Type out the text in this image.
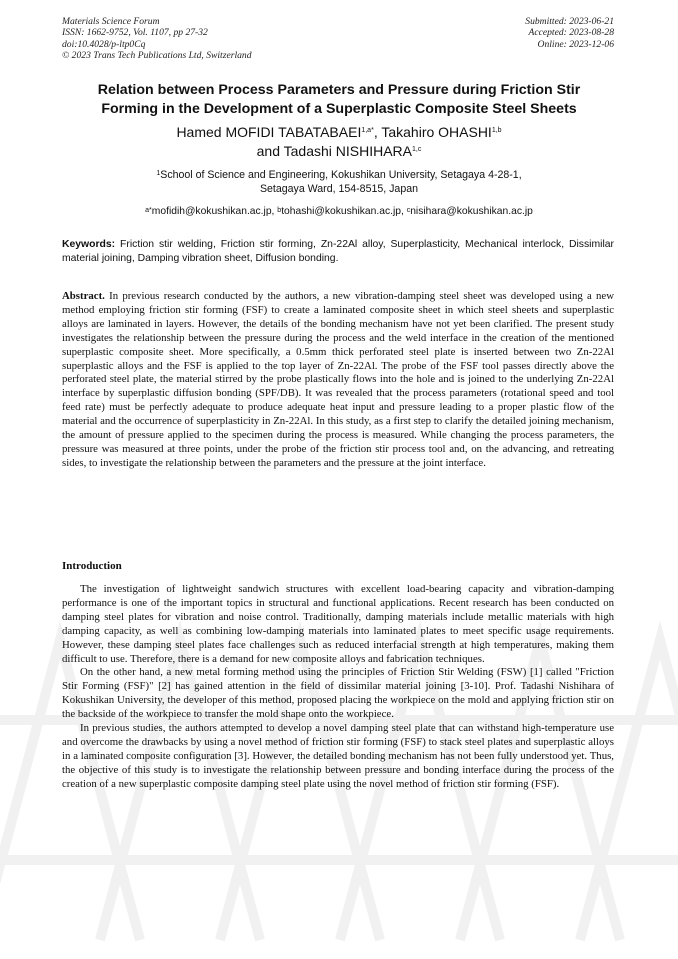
Materials Science Forum
ISSN: 1662-9752, Vol. 1107, pp 27-32
doi:10.4028/p-ltp0Cq
© 2023 Trans Tech Publications Ltd, Switzerland
Submitted: 2023-06-21
Accepted: 2023-08-28
Online: 2023-12-06
Relation between Process Parameters and Pressure during Friction Stir
Forming in the Development of a Superplastic Composite Steel Sheets
Hamed MOFIDI $TABATABAEI^{1,a*}$, Takahiro OHASHI$^{1,b}$
and Tadashi NISHIHARA$^{1,c}$
$^1$School of Science and Engineering, Kokushikan University, Setagaya 4-28-1,
Setagaya Ward, 154-8515, Japan
$^{a*}$mofidih@kokushikan.ac.jp, $^b$tohashi@kokushikan.ac.jp, $^c$nisihara@kokushikan.ac.jp
Keywords: Friction stir welding, Friction stir forming, Zn-22Al alloy, Superplasticity, Mechanical interlock, Dissimilar material joining, Damping vibration sheet, Diffusion bonding.
Abstract. In previous research conducted by the authors, a new vibration-damping steel sheet was developed using a new method employing friction stir forming (FSF) to create a laminated composite sheet in which steel sheets and superplastic alloys are laminated in layers. However, the details of the bonding mechanism have not yet been clarified. The present study investigates the relationship between the pressure during the process and the weld interface in the creation of the mentioned superplastic composite sheet. More specifically, a 0.5mm thick perforated steel plate is inserted between two Zn-22Al superplastic alloys and the FSF is applied to the top layer of Zn-22Al. The probe of the FSF tool passes directly above the perforated steel plate, the material stirred by the probe plastically flows into the hole and is joined to the underlying Zn-22Al interface by superplastic diffusion bonding (SPF/DB). It was revealed that the process parameters (rotational speed and tool feed rate) must be perfectly adequate to produce adequate heat input and pressure leading to a proper plastic flow of the material and the occurrence of superplasticity in Zn-22Al. In this study, as a first step to clarify the detailed joining mechanism, the amount of pressure applied to the specimen during the process is measured. While changing the process parameters, the pressure was measured at three points, under the probe of the friction stir process tool and, on the advancing, and retreating sides, to investigate the relationship between the parameters and the pressure at the joint interface.
Introduction

The investigation of lightweight sandwich structures with excellent load-bearing capacity and vibration-damping performance is one of the important topics in structural and functional applications. Recent research has been conducted on damping steel plates for vibration and noise control. Traditionally, damping materials include metallic materials with high damping capacity, as well as combining low-damping materials into laminated plates to meet specific usage requirements. However, these damping steel plates face challenges such as reduced interfacial strength at high temperatures, making them difficult to use. Therefore, there is a demand for new composite alloys and fabrication techniques.

On the other hand, a new metal forming method using the principles of Friction Stir Welding (FSW) [1] called "Friction Stir Forming (FSF)" [2] has gained attention in the field of dissimilar material joining [3-10]. Prof. Tadashi Nishihara of Kokushikan University, the developer of this method, proposed placing the workpiece on the mold and applying friction stir on the backside of the workpiece to transfer the mold shape onto the workpiece.

In previous studies, the authors attempted to develop a novel damping steel plate that can withstand high-temperature use and overcome the drawbacks by using a novel method of friction stir forming (FSF) to stack steel plates and superplastic alloys in a laminated composite configuration [3]. However, the detailed bonding mechanism has not been fully understood yet. Thus, the objective of this study is to investigate the relationship between pressure and bonding interface during the process of the creation of a new superplastic composite damping steel plate using the novel method of friction stir forming (FSF).
